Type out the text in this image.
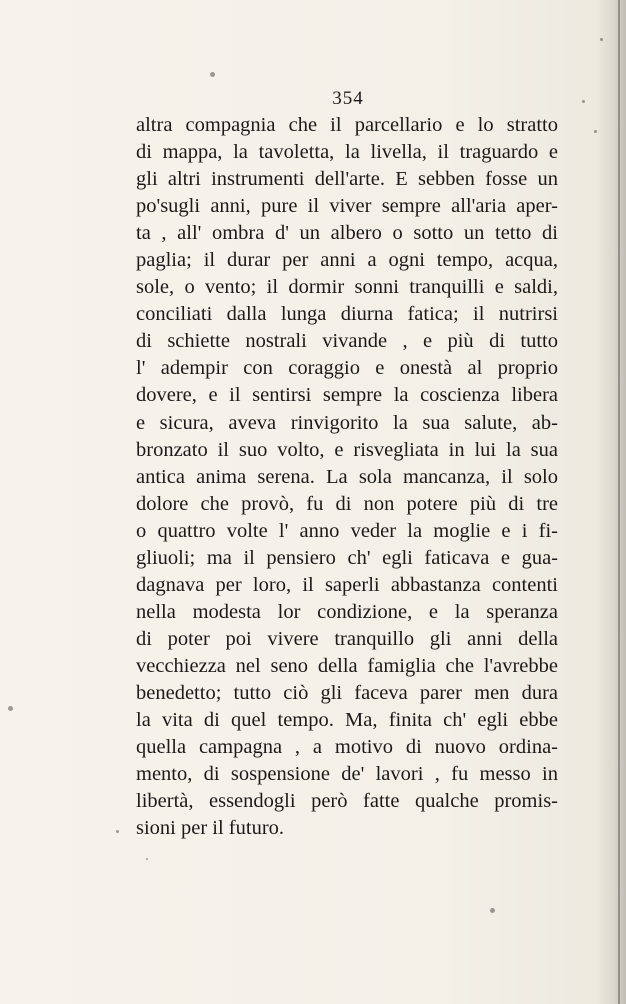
354
altra compagnia che il parcellario e lo stratto
di mappa, la tavoletta, la livella, il traguardo e
gli altri instrumenti dell'arte. E sebben fosse un
po'sugli anni, pure il viver sempre all'aria aper-
ta , all' ombra d' un albero o sotto un tetto di
paglia; il durar per anni a ogni tempo, acqua,
sole, o vento; il dormir sonni tranquilli e saldi,
conciliati dalla lunga diurna fatica; il nutrirsi
di schiette nostrali vivande , e più di tutto
l' adempir con coraggio e onestà al proprio
dovere, e il sentirsi sempre la coscienza libera
e sicura, aveva rinvigorito la sua salute, ab-
bronzato il suo volto, e risvegliata in lui la sua
antica anima serena. La sola mancanza, il solo
dolore che provò, fu di non potere più di tre
o quattro volte l' anno veder la moglie e i fi-
gliuoli; ma il pensiero ch' egli faticava e gua-
dagnava per loro, il saperli abbastanza contenti
nella modesta lor condizione, e la speranza
di poter poi vivere tranquillo gli anni della
vecchiezza nel seno della famiglia che l'avrebbe
benedetto; tutto ciò gli faceva parer men dura
la vita di quel tempo. Ma, finita ch' egli ebbe
quella campagna , a motivo di nuovo ordina-
mento, di sospensione de' lavori , fu messo in
libertà, essendogli però fatte qualche promis-
sioni per il futuro.
